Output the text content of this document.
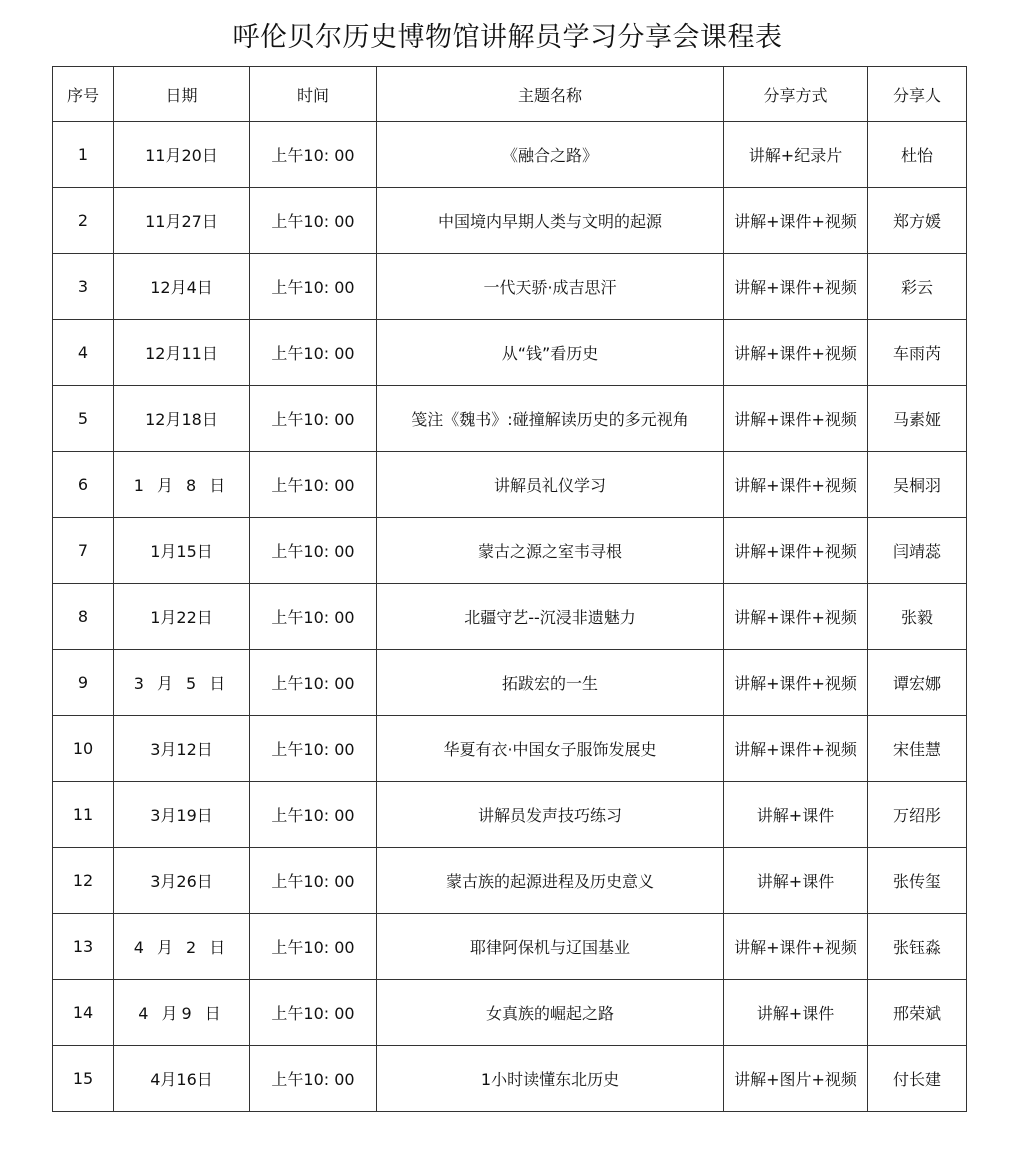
呼伦贝尔历史博物馆讲解员学习分享会课程表
序号	日期	时间	主题名称	分享方式	分享人
1	11月20日	上午10: 00	《融合之路》	讲解+纪录片	杜怡
2	11月27日	上午10: 00	中国境内早期人类与文明的起源	讲解+课件+视频	郑方媛
3	12月4日	上午10: 00	一代天骄·成吉思汗	讲解+课件+视频	彩云
4	12月11日	上午10: 00	从“钱”看历史	讲解+课件+视频	车雨芮
5	12月18日	上午10: 00	笺注《魏书》:碰撞解读历史的多元视角	讲解+课件+视频	马素娅
6	1 月 8 日	上午10: 00	讲解员礼仪学习	讲解+课件+视频	吴桐羽
7	1月15日	上午10: 00	蒙古之源之室韦寻根	讲解+课件+视频	闫靖蕊
8	1月22日	上午10: 00	北疆守艺--沉浸非遗魅力	讲解+课件+视频	张毅
9	3 月 5 日	上午10: 00	拓跋宏的一生	讲解+课件+视频	谭宏娜
10	3月12日	上午10: 00	华夏有衣·中国女子服饰发展史	讲解+课件+视频	宋佳慧
11	3月19日	上午10: 00	讲解员发声技巧练习	讲解+课件	万绍彤
12	3月26日	上午10: 00	蒙古族的起源进程及历史意义	讲解+课件	张传玺
13	4 月 2 日	上午10: 00	耶律阿保机与辽国基业	讲解+课件+视频	张钰淼
14	4 月9 日	上午10: 00	女真族的崛起之路	讲解+课件	邢荣斌
15	4月16日	上午10: 00	1小时读懂东北历史	讲解+图片+视频	付长建
